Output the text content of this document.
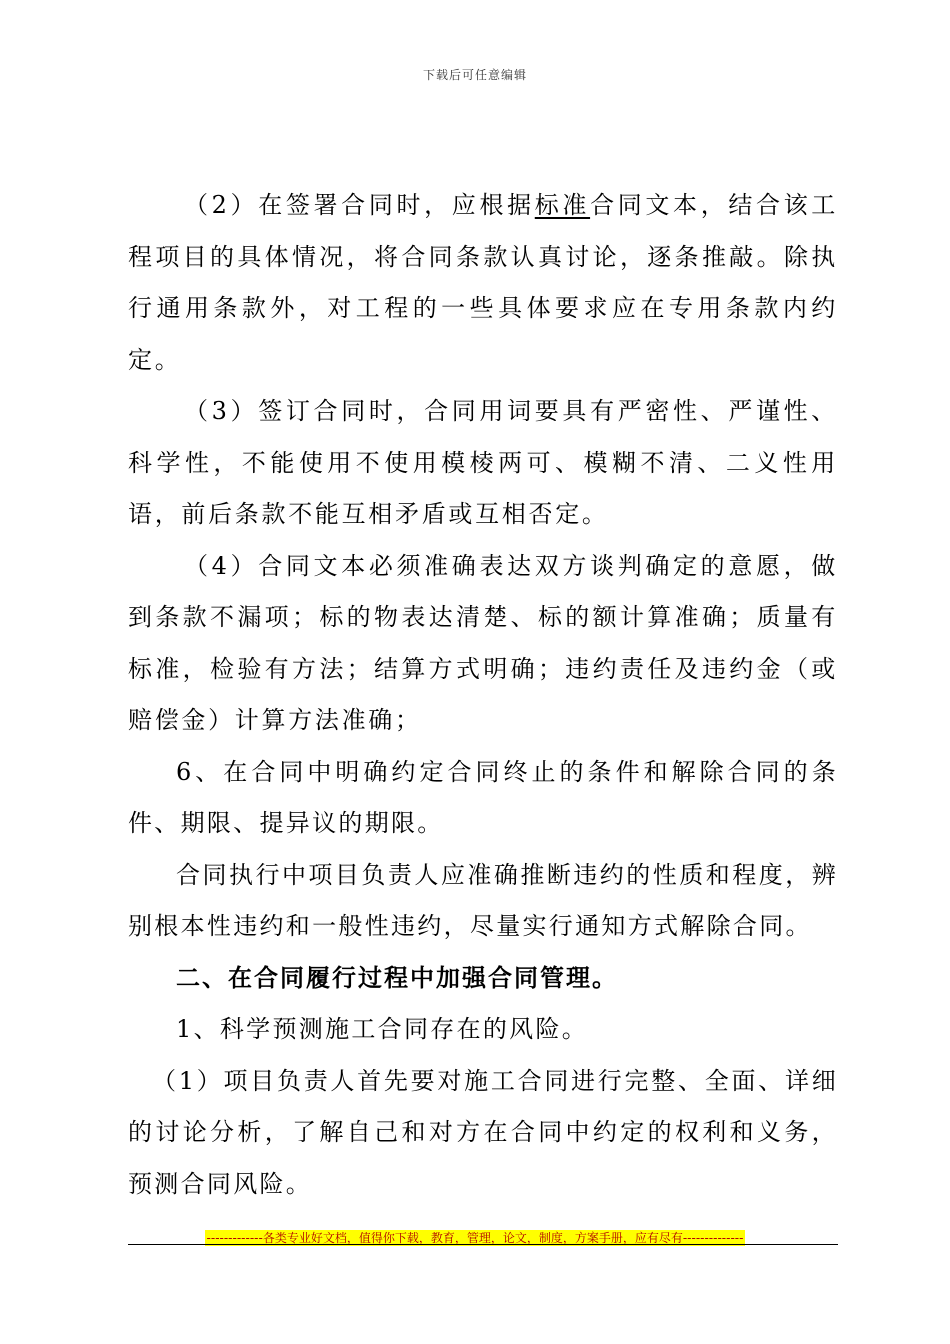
下载后可任意编辑

（2）在签署合同时，应根据标准合同文本，结合该工程项目的具体情况，将合同条款认真讨论，逐条推敲。除执行通用条款外，对工程的一些具体要求应在专用条款内约定。

（3）签订合同时，合同用词要具有严密性、严谨性、科学性，不能使用不使用模棱两可、模糊不清、二义性用语，前后条款不能互相矛盾或互相否定。

（4）合同文本必须准确表达双方谈判确定的意愿，做到条款不漏项；标的物表达清楚、标的额计算准确；质量有标准，检验有方法；结算方式明确；违约责任及违约金（或赔偿金）计算方法准确；

6、在合同中明确约定合同终止的条件和解除合同的条件、期限、提异议的期限。

合同执行中项目负责人应准确推断违约的性质和程度，辨别根本性违约和一般性违约，尽量实行通知方式解除合同。

二、在合同履行过程中加强合同管理。

1、科学预测施工合同存在的风险。

（1）项目负责人首先要对施工合同进行完整、全面、详细的讨论分析，了解自己和对方在合同中约定的权利和义务，预测合同风险。

-------------各类专业好文档，值得你下载，教育，管理，论文，制度，方案手册，应有尽有--------------
